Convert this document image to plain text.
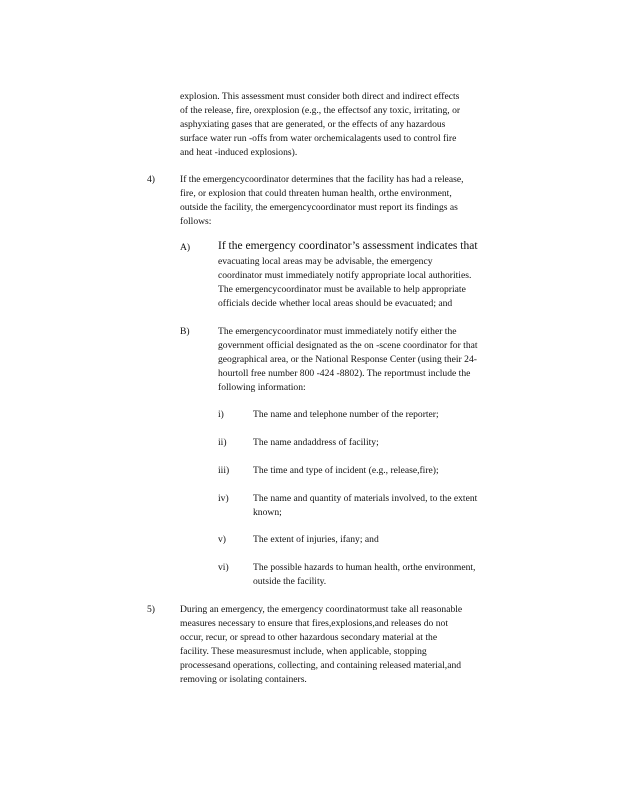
explosion. This assessment must consider both direct and indirect effects
of the release, fire, orexplosion (e.g., the effectsof any toxic, irritating, or
asphyxiating gases that are generated, or the effects of any hazardous
surface water run -offs from water orchemicalagents used to control fire
and heat -induced explosions).
4)	If the emergencycoordinator determines that the facility has had a release,
fire, or explosion that could threaten human health, orthe environment,
outside the facility, the emergencycoordinator must report its findings as
follows:
A) If the emergency coordinator’s assessment indicates that
evacuating local areas may be advisable, the emergency
coordinator must immediately notify appropriate local authorities.
The emergencycoordinator must be available to help appropriate
officials decide whether local areas should be evacuated; and
B)	The emergencycoordinator must immediately notify either the
government official designated as the on -scene coordinator for that
geographical area, or the National Response Center (using their 24-
hourtoll free number 800 -424 -8802). The reportmust include the
following information:
i)	The name and telephone number of the reporter;
ii)	The name andaddress of facility;
iii) The time and type of incident (e.g., release,fire);
iv)	The name and quantity of materials involved, to the extent
known;
v)	The extent of injuries, ifany; and
vi)	The possible hazards to human health, orthe environment,
outside the facility.
5)	During an emergency, the emergency coordinatormust take all reasonable
measures necessary to ensure that fires,explosions,and releases do not
occur, recur, or spread to other hazardous secondary material at the
facility. These measuresmust include, when applicable, stopping
processesand operations, collecting, and containing released material,and
removing or isolating containers.
